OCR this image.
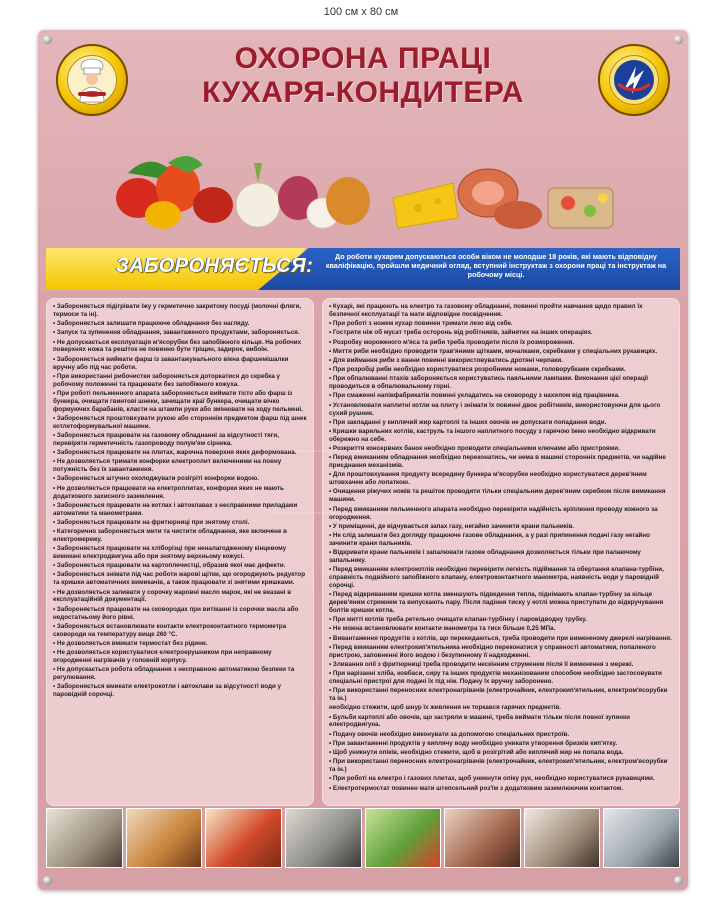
100 см х 80 см
ОХОРОНА ПРАЦІ
КУХАРЯ-КОНДИТЕРА
ЗАБОРОНЯЄТЬСЯ:	До роботи кухарем допускаються особи віком не молодше 18 років, які мають відповідну кваліфікацію, пройшли медичний огляд, вступний інструктаж з охорони праці та інструктаж на робочому місці.

• Забороняється підігрівати їжу у герметично закритому посуді (молочні фляги, термоси та ін).

• Забороняється залишати працююче обладнання без нагляду.

• Запуск та зупинення обладнання, завантаженого продуктами, забороняється.

• Не допускається експлуатація м'ясорубки без запобіжного кільця. На робочих поверхнях ножа та решіток не повинно бути тріщин, задирок, вибоїн.

• Забороняється виймати фарш із завантажувального вікна фаршемішалки вручну або під час роботи.

• При використанні рибочистки забороняється доторкатися до скребка у робочому положенні та працювати без запобіжного кожуха.

• При роботі пельменного апарата забороняється виймати тісто або фарш із бункера, очищати гвинтові шнеки, зачищати краї бункера, очищати вічко формуючих барабанів, класти на штампи руки або змінювати на ходу пельмені.

• Забороняється проштовхувати рукою або стороннім предметом фарш під шнек котлетоформувальної машини.

• Забороняється працювати на газовому обладнанні за відсутності тяги, перевіряти герметичність газопроводу полум'ям сірника.

• Забороняється працювати на плитах, жарочна поверхня яких деформована.

• Не дозволяється тримати конфорки електроплит включеними на повну потужність без їх завантаження.

• Забороняється штучно охолоджувати розігріті конфорки водою.

• Не дозволяється працювати на електроплитах, конфорки яких не мають додаткового захисного заземлення.

• Забороняється працювати на котлах і автоклавах з несправними приладами автоматики та манометрами.

• Забороняється працювати на фритюрниці при знятому столі.

• Категорично забороняється мити та чистити обладнання, яке включене в електромережу.

• Забороняється працювати на хліборізці при неналагодженому кінцевому вимикачі електродвигуна або при знятому верхньому кожусі.

• Забороняється працювати на картоплечистці, образив якої має дефекти.

• Забороняється знімати під час роботи жарові щітки, що огороджують редуктор та кришки автоматичних вимикачів, а також працювати зі знятими кришками.

• Не дозволяється заливати у сорочку жаровні масло марок, які не вказані в експлуатаційній документації.

• Забороняється працювати на сковородах при витіканні із сорочки масла або недостатньому його рівні.

• Забороняється встановлювати контакти електроконтактного термометра сковороди на температуру вище 260 °С.

• Не дозволяється вмикати термостат без рідини.

• Не дозволяється користуватися електроерушником при неправному огородженні нагрівачів у головній корпусу.

• Не допускається робота обладнання з несправною автоматикою безпеки та регулювання.

• Забороняється вмикати електрокотли і автоклави за відсутності води у паровідній сорочці.

• Кухарі, які працюють на електро та газовому обладнанні, повинні пройти навчання щодо правил їх безпечної експлуатації та мати відповідне посвідчення.

• При роботі з ножем кухар повинен тримати лезо від себе.

• Гострити ніж об мусат треба осторонь від робітників, зайнятих на інших операціях.

• Розробку мороженого м'яса та риби треба проводити після їх розмороження.

• Миття риби необхідно проводити трав'яними щітками, мочалками, скребками у спеціальних рукавицях.

• Для виймання риби з ванни повинні використовуватись дротяні черпаки.

• При розробці риби необхідно користуватися розробними ножами, головорубками скребками.

• При обпалюванні птахів забороняється користуватись паяльними лампами. Виконання цієї операції проводиться в обпалювальному горні.

• При смаженні напівфабрикатів повинні укладатись на сковороду з нахилом від працівника.

• Установлювати наплитні котли на плиту і знімати їх повинні двоє робітників, використовуючи для цього сухий рушник.

• При закладанні у киплячий жир картоплі та інших овочів не допускати попадання води.

• Кришки варильних котлів, каструль та іншого наплитного посуду з гарячою їжею необхідно відкривати обережно на себе.

• Розкриття консервних банок необхідно проводити спеціальними ключами або пристроями.

• Перед вмиканням обладнання необхідно переконатись, чи нема в машині сторонніх предметів, чи надійне приєднання механізмів.

• Для проштовхування продукту всередину бункера м'ясорубки необхідно користуватися дерев'яним штовхачем або лопаткою.

• Очищення ріжучих ножів та решіток проводити тільки спеціальним дерев'яним скребком після вимикання машини.

• Перед вмиканням пельменного апарата необхідно перевірити надійність кріплення проводу кожного за огородження.

• У приміщенні, де відчувається запах газу, негайно зачинити крани пальників.

• Не слід залишати без догляду працююче газове обладнання, а у разі припинення подачі газу негайно зачинити крани пальників.

• Відкривати крани пальників і запалювати газове обладнання дозволяється тільки при палаючому запальнику.

• Перед вмиканням електрокотлів необхідно перевірити легкість підіймання та обертання клапана-турбіни, справність подвійного запобіжного клапану, електроконтактного манометра, наявність води у паровідній сорочці.

• Перед відкриванням кришки котла зменшують підведення тепла, піднімають клапан-турбіну за кільце дерев'яним стрижнем та випускають пару. Після падіння тиску у котлі можна приступати до відкручування болтів кришки котла.

• При митті котлів треба ретельно очищати клапан-турбінку і паровідводну трубку.

• Не можна встановлювати контакти манометра та тиск більше 0,25 МПа.

• Вивантаження продуктів з котлів, що перекидаються, треба проводити при вимкненому джерелі нагрівання.

• Перед вмиканням електрокип'ятильника необхідно переконатися у справності автоматики, попаленого пристрою, заповненні його водою і безупинному її надходженні.

• Зливання олії з фритюрниці треба проводити нескінним струменем після її вимкнення з мережі.

• При нарізанні хліба, ковбаси, сиру та інших продуктів механізованим способом необхідно застосовувати спеціальні пристрої для подачі їх під ніж. Подачу їх вручну заборонено.

• При використанні переносних електронагрівачів (електрочайник, електрокип'ятильник, електром'ясорубки та ін.)

необхідно стежити, щоб шнур їх живлення не торкався гарячих предметів.

• Бульби картоплі або овочів, що застряли в машині, треба виймати тільки після повної зупинки електродвигуна.

• Подачу овочів необхідно виконувати за допомогою спеціальних пристроїв.

• При завантаженні продуктів у киплячу воду необхідно уникати утворення бризків кип'ятку.

• Щоб уникнути опіків, необхідно стежити, щоб в розігрітий або киплячий жир не попала вода.

• При використанні переносних електронагрівачів (електрочайник, електрокип'ятильник, електром'ясорубки та ін.)

• При роботі на електро і газових плитах, щоб уникнути опіку рук, необхідно користуватися рукавицями.

• Електротермостат повинен мати штепсельний роз'їм з додатковим заземлюючим контактом.
